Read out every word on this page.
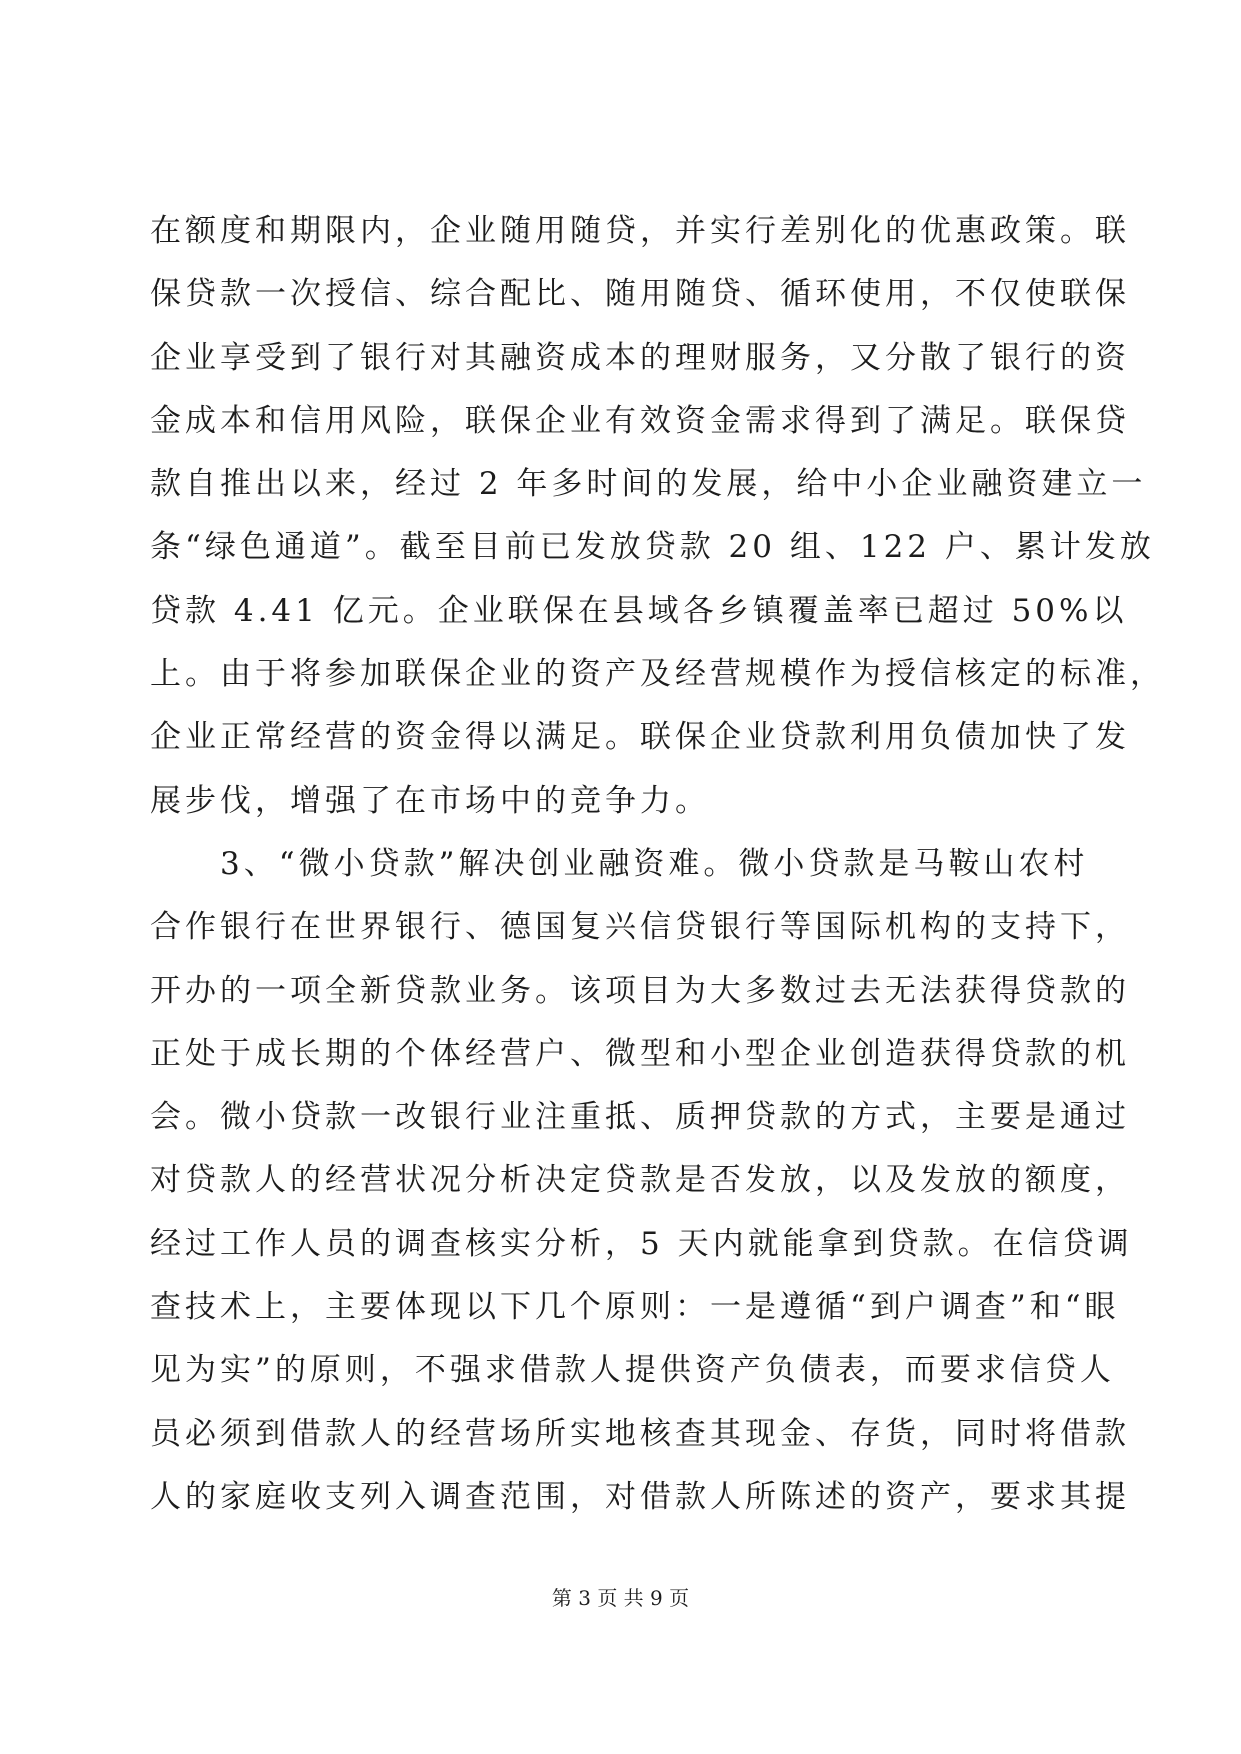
在额度和期限内，企业随用随贷，并实行差别化的优惠政策。联
保贷款一次授信、综合配比、随用随贷、循环使用，不仅使联保
企业享受到了银行对其融资成本的理财服务，又分散了银行的资
金成本和信用风险，联保企业有效资金需求得到了满足。联保贷
款自推出以来，经过 2 年多时间的发展，给中小企业融资建立一
条“绿色通道”。截至目前已发放贷款 20 组、122 户、累计发放
贷款 4.41 亿元。企业联保在县域各乡镇覆盖率已超过 50%以
上。由于将参加联保企业的资产及经营规模作为授信核定的标准，
企业正常经营的资金得以满足。联保企业贷款利用负债加快了发
展步伐，增强了在市场中的竞争力。
　　3、“微小贷款”解决创业融资难。微小贷款是马鞍山农村
合作银行在世界银行、德国复兴信贷银行等国际机构的支持下，
开办的一项全新贷款业务。该项目为大多数过去无法获得贷款的
正处于成长期的个体经营户、微型和小型企业创造获得贷款的机
会。微小贷款一改银行业注重抵、质押贷款的方式，主要是通过
对贷款人的经营状况分析决定贷款是否发放，以及发放的额度，
经过工作人员的调查核实分析，5 天内就能拿到贷款。在信贷调
查技术上，主要体现以下几个原则：一是遵循“到户调查”和“眼
见为实”的原则，不强求借款人提供资产负债表，而要求信贷人
员必须到借款人的经营场所实地核查其现金、存货，同时将借款
人的家庭收支列入调查范围，对借款人所陈述的资产，要求其提
第 3 页 共 9 页
